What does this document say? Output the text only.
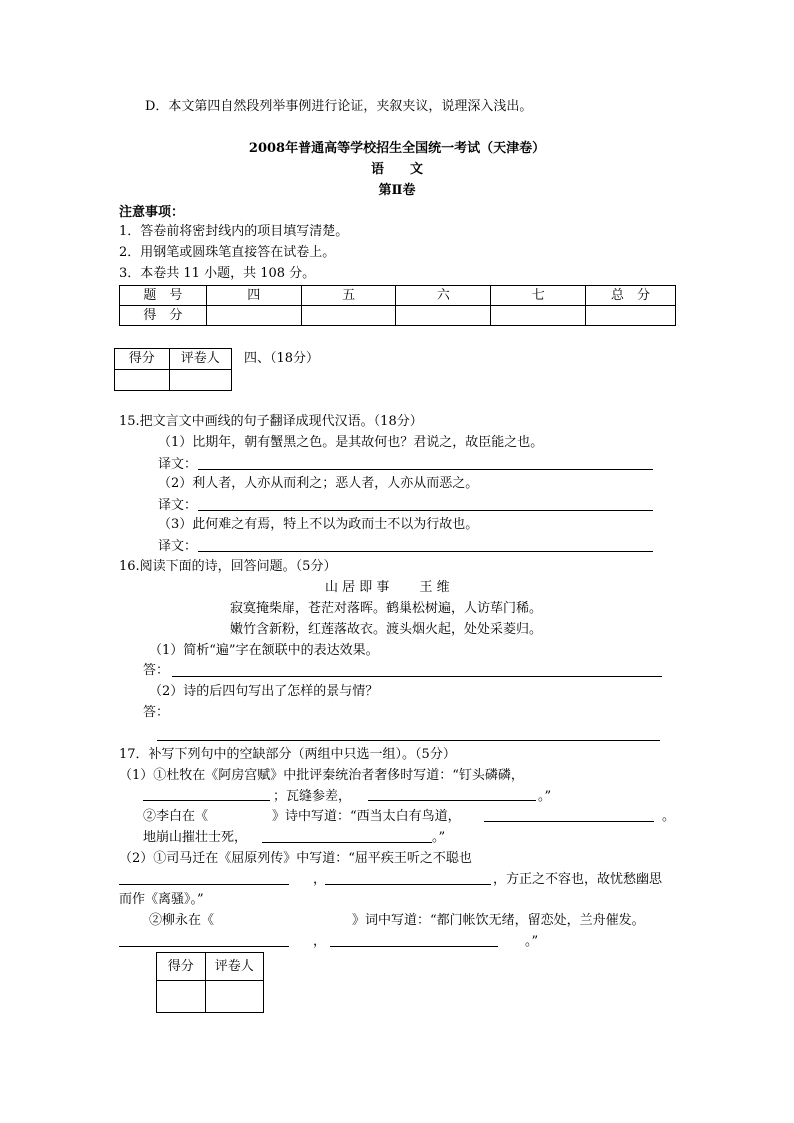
D．本文第四自然段列举事例进行论证，夹叙夹议，说理深入浅出。
2008年普通高等学校招生全国统一考试（天津卷）
语　　文
第Ⅱ卷
注意事项：
1．答卷前将密封线内的项目填写清楚。
2．用钢笔或圆珠笔直接答在试卷上。
3．本卷共 11 小题，共 108 分。
题　号	四	五	六	七	总　分
得　分					
得分	评卷人
	四、（18分）
15.把文言文中画线的句子翻译成现代汉语。（18分）
（1）比期年，朝有蟹黑之色。是其故何也？君说之，故臣能之也。
译文：
（2）利人者，人亦从而利之；恶人者，人亦从而恶之。
译文：
（3）此何难之有焉，特上不以为政而士不以为行故也。
译文：
16.阅读下面的诗，回答问题。（5分）
山 居 即 事　　 王 维
寂寞掩柴扉，苍茫对落晖。鹤巢松树遍，人访荜门稀。
嫩竹含新粉，红莲落故衣。渡头烟火起，处处采菱归。
（1）简析“遍”字在颔联中的表达效果。
答：
（2）诗的后四句写出了怎样的景与情？
答：
17．补写下列句中的空缺部分（两组中只选一组）。（5分）
（1）①杜牧在《阿房宫赋》中批评秦统治者奢侈时写道：“钉头磷磷，
；瓦缝参差，	。”
②李白在《	》诗中写道：“西当太白有鸟道，	。
地崩山摧壮士死，	。”
（2）①司马迁在《屈原列传》中写道：“屈平疾王听之不聪也
，	，方正之不容也，故忧愁幽思
而作《离骚》。”
②柳永在《	》词中写道：“都门帐饮无绪，留恋处，兰舟催发。
，	。”
得分	评卷人
